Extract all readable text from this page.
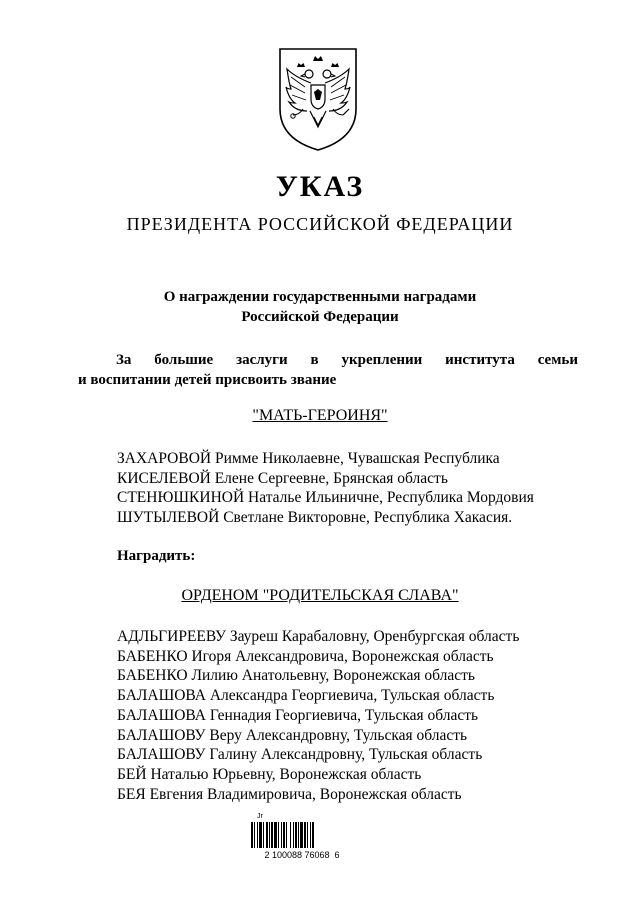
УКАЗ
ПРЕЗИДЕНТА РОССИЙСКОЙ ФЕДЕРАЦИИ
О награждении государственными наградами
Российской Федерации
За большие заслуги в укреплении института семьи
и воспитании детей присвоить звание
"МАТЬ-ГЕРОИНЯ"
ЗАХАРОВОЙ Римме Николаевне, Чувашская Республика
КИСЕЛЕВОЙ Елене Сергеевне, Брянская область
СТЕНЮШКИНОЙ Наталье Ильиничне, Республика Мордовия
ШУТЫЛЕВОЙ Светлане Викторовне, Республика Хакасия.
Наградить:
ОРДЕНОМ "РОДИТЕЛЬСКАЯ СЛАВА"
АДЛЬГИРЕЕВУ Зауреш Карабаловну, Оренбургская область
БАБЕНКО Игоря Александровича, Воронежская область
БАБЕНКО Лилию Анатольевну, Воронежская область
БАЛАШОВА Александра Георгиевича, Тульская область
БАЛАШОВА Геннадия Георгиевича, Тульская область
БАЛАШОВУ Веру Александровну, Тульская область
БАЛАШОВУ Галину Александровну, Тульская область
БЕЙ Наталью Юрьевну, Воронежская область
БЕЯ Евгения Владимировича, Воронежская область
Jr
2 100088 76068  6
